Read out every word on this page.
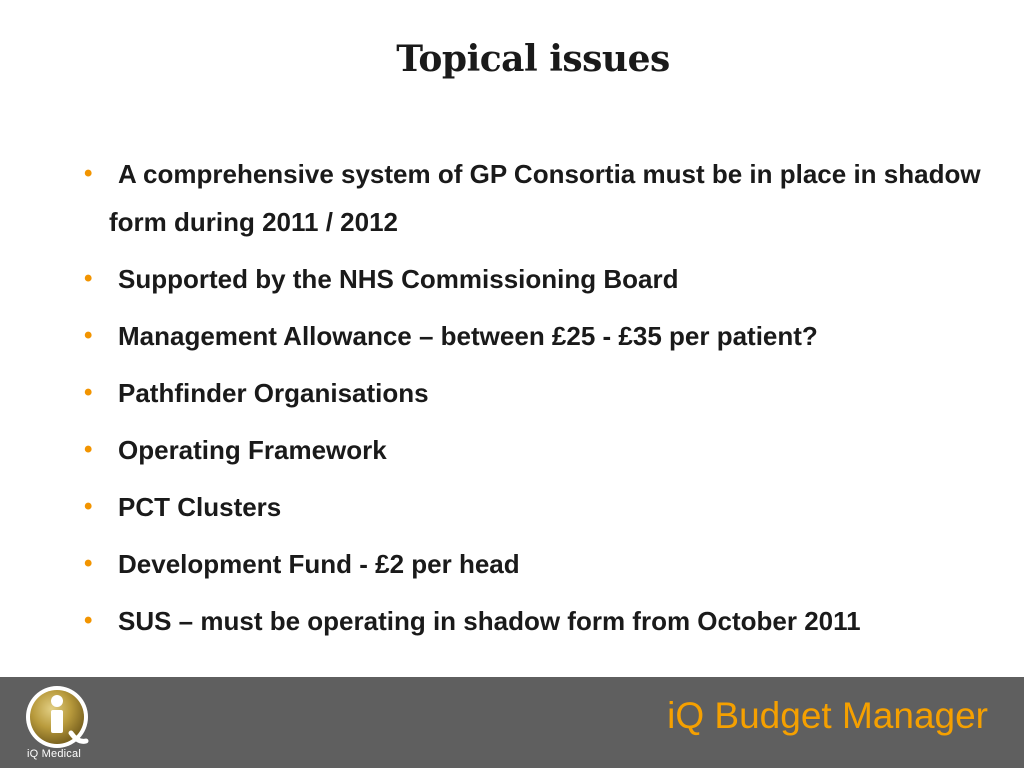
Topical issues
• A comprehensive system of GP Consortia must be in place in shadow form during 2011 / 2012
• Supported by the NHS Commissioning Board
• Management Allowance – between £25 - £35 per patient?
• Pathfinder Organisations
• Operating Framework
• PCT Clusters
• Development Fund - £2 per head
• SUS – must be operating in shadow form from October 2011
iQ Medical
iQ Budget Manager
